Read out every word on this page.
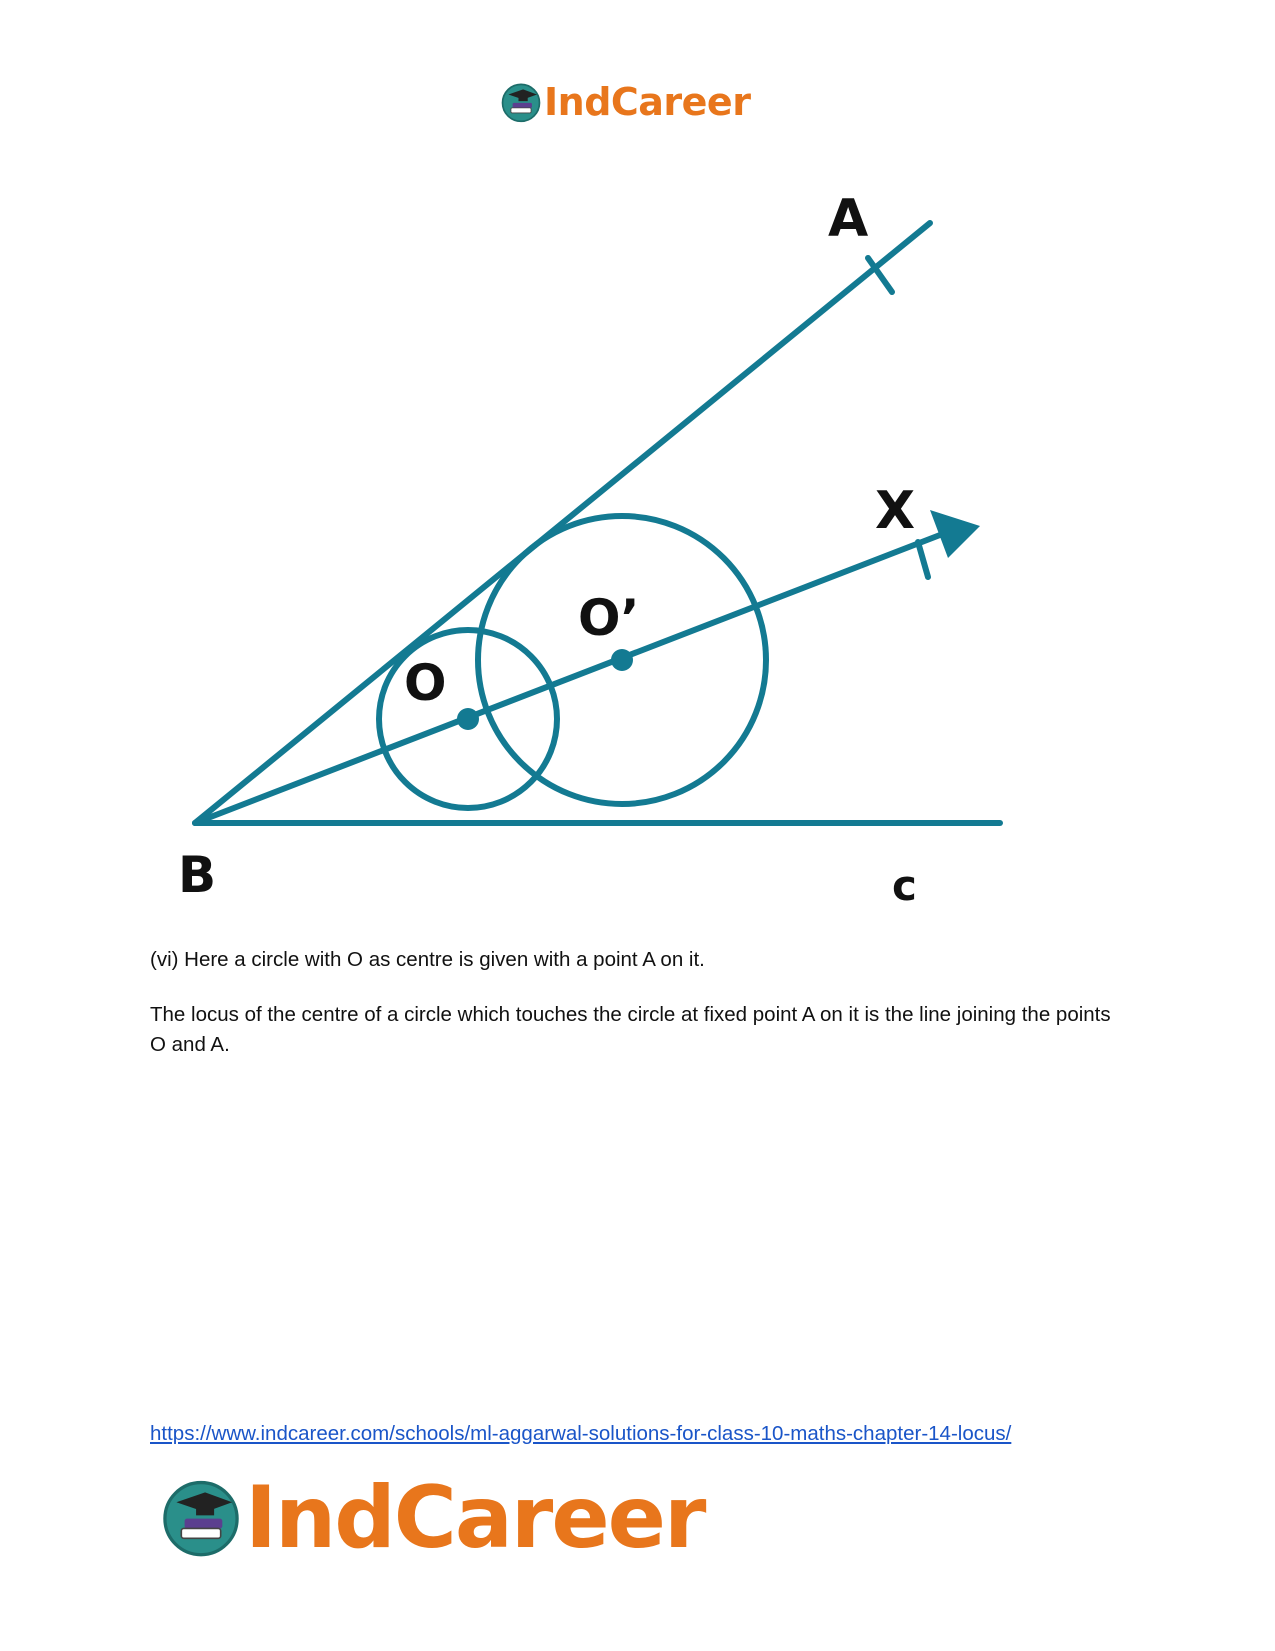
IndCareer
A
X
O’
O
B	c

(vi) Here a circle with O as centre is given with a point A on it.

The locus of the centre of a circle which touches the circle at fixed point A on it is the line joining the points O and A.

https://www.indcareer.com/schools/ml-aggarwal-solutions-for-class-10-maths-chapter-14-locus/
IndCareer
